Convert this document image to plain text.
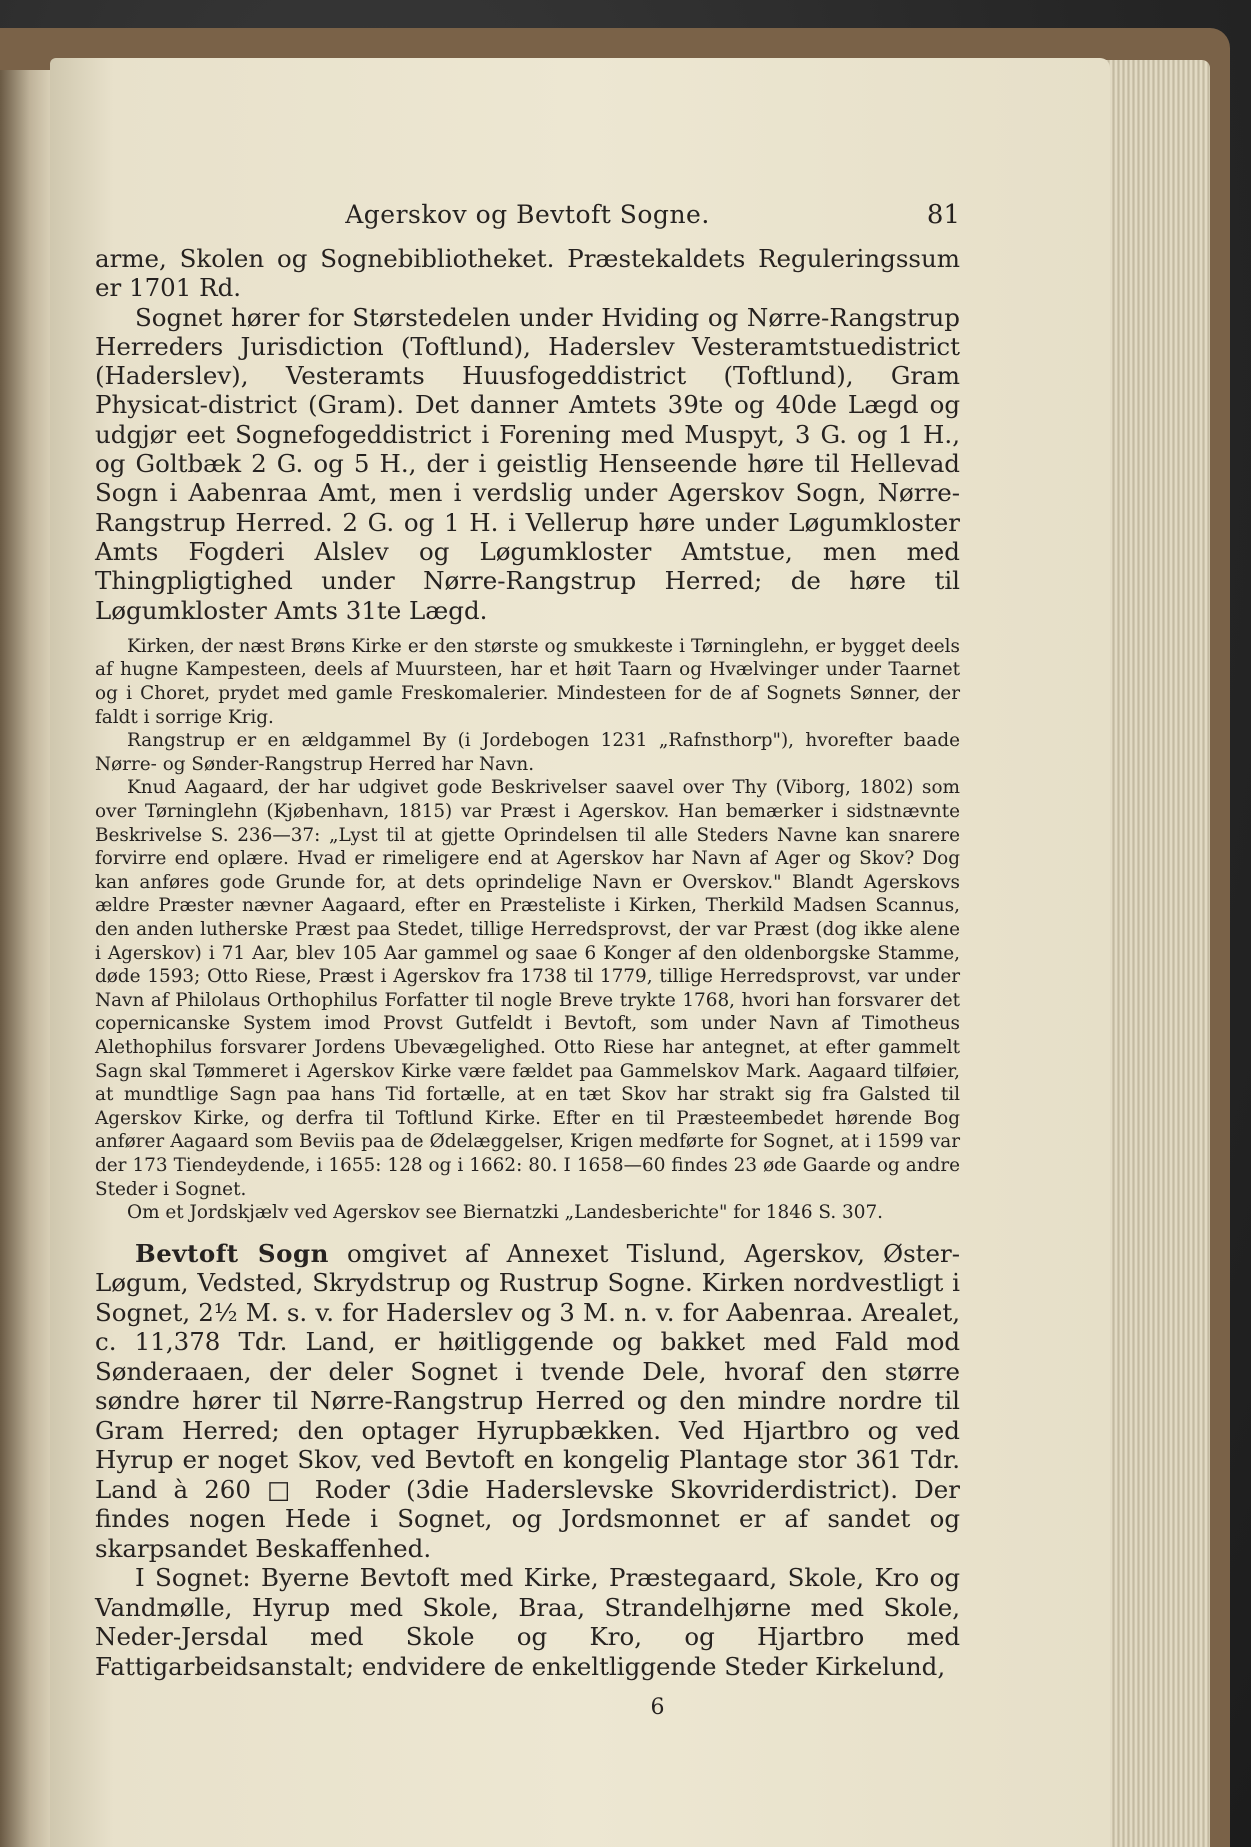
Agerskov og Bevtoft Sogne.	81

arme, Skolen og Sognebibliotheket. Præstekaldets Reguleringssum er 1701 Rd.

Sognet hører for Størstedelen under Hviding og Nørre-Rangstrup Herreders Jurisdiction (Toftlund), Haderslev Vesteramtstuedistrict (Haderslev), Vesteramts Huusfogeddistrict (Toftlund), Gram Physicat-district (Gram). Det danner Amtets 39te og 40de Lægd og udgjør eet Sognefogeddistrict i Forening med Muspyt, 3 G. og 1 H., og Goltbæk 2 G. og 5 H., der i geistlig Henseende høre til Hellevad Sogn i Aabenraa Amt, men i verdslig under Agerskov Sogn, Nørre-Rangstrup Herred. 2 G. og 1 H. i Vellerup høre under Løgumkloster Amts Fogderi Alslev og Løgumkloster Amtstue, men med Thingpligtighed under Nørre-Rangstrup Herred; de høre til Løgumkloster Amts 31te Lægd.

Kirken, der næst Brøns Kirke er den største og smukkeste i Tørninglehn, er bygget deels af hugne Kampesteen, deels af Muursteen, har et høit Taarn og Hvælvinger under Taarnet og i Choret, prydet med gamle Freskomalerier. Mindesteen for de af Sognets Sønner, der faldt i sorrige Krig.

Rangstrup er en ældgammel By (i Jordebogen 1231 „Rafnsthorp"), hvorefter baade Nørre- og Sønder-Rangstrup Herred har Navn.

Knud Aagaard, der har udgivet gode Beskrivelser saavel over Thy (Viborg, 1802) som over Tørninglehn (Kjøbenhavn, 1815) var Præst i Agerskov. Han bemærker i sidstnævnte Beskrivelse S. 236—37: „Lyst til at gjette Oprindelsen til alle Steders Navne kan snarere forvirre end oplære. Hvad er rimeligere end at Agerskov har Navn af Ager og Skov? Dog kan anføres gode Grunde for, at dets oprindelige Navn er Overskov." Blandt Agerskovs ældre Præster nævner Aagaard, efter en Præsteliste i Kirken, Therkild Madsen Scannus, den anden lutherske Præst paa Stedet, tillige Herredsprovst, der var Præst (dog ikke alene i Agerskov) i 71 Aar, blev 105 Aar gammel og saae 6 Konger af den oldenborgske Stamme, døde 1593; Otto Riese, Præst i Agerskov fra 1738 til 1779, tillige Herredsprovst, var under Navn af Philolaus Orthophilus Forfatter til nogle Breve trykte 1768, hvori han forsvarer det copernicanske System imod Provst Gutfeldt i Bevtoft, som under Navn af Timotheus Alethophilus forsvarer Jordens Ubevægelighed. Otto Riese har antegnet, at efter gammelt Sagn skal Tømmeret i Agerskov Kirke være fældet paa Gammelskov Mark. Aagaard tilføier, at mundtlige Sagn paa hans Tid fortælle, at en tæt Skov har strakt sig fra Galsted til Agerskov Kirke, og derfra til Toftlund Kirke. Efter en til Præsteembedet hørende Bog anfører Aagaard som Beviis paa de Ødelæggelser, Krigen medførte for Sognet, at i 1599 var der 173 Tiendeydende, i 1655: 128 og i 1662: 80. I 1658—60 findes 23 øde Gaarde og andre Steder i Sognet.

Om et Jordskjælv ved Agerskov see Biernatzki „Landesberichte" for 1846 S. 307.

Bevtoft Sogn omgivet af Annexet Tislund, Agerskov, Øster-Løgum, Vedsted, Skrydstrup og Rustrup Sogne. Kirken nordvestligt i Sognet, 2½ M. s. v. for Haderslev og 3 M. n. v. for Aabenraa. Arealet, c. 11,378 Tdr. Land, er høitliggende og bakket med Fald mod Sønderaaen, der deler Sognet i tvende Dele, hvoraf den større søndre hører til Nørre-Rangstrup Herred og den mindre nordre til Gram Herred; den optager Hyrupbækken. Ved Hjartbro og ved Hyrup er noget Skov, ved Bevtoft en kongelig Plantage stor 361 Tdr. Land à 260 □ Roder (3die Haderslevske Skovriderdistrict). Der findes nogen Hede i Sognet, og Jordsmonnet er af sandet og skarpsandet Beskaffenhed.

I Sognet: Byerne Bevtoft med Kirke, Præstegaard, Skole, Kro og Vandmølle, Hyrup med Skole, Braa, Strandelhjørne med Skole, Neder-Jersdal med Skole og Kro, og Hjartbro med Fattigarbeidsanstalt; endvidere de enkeltliggende Steder Kirkelund,

6
